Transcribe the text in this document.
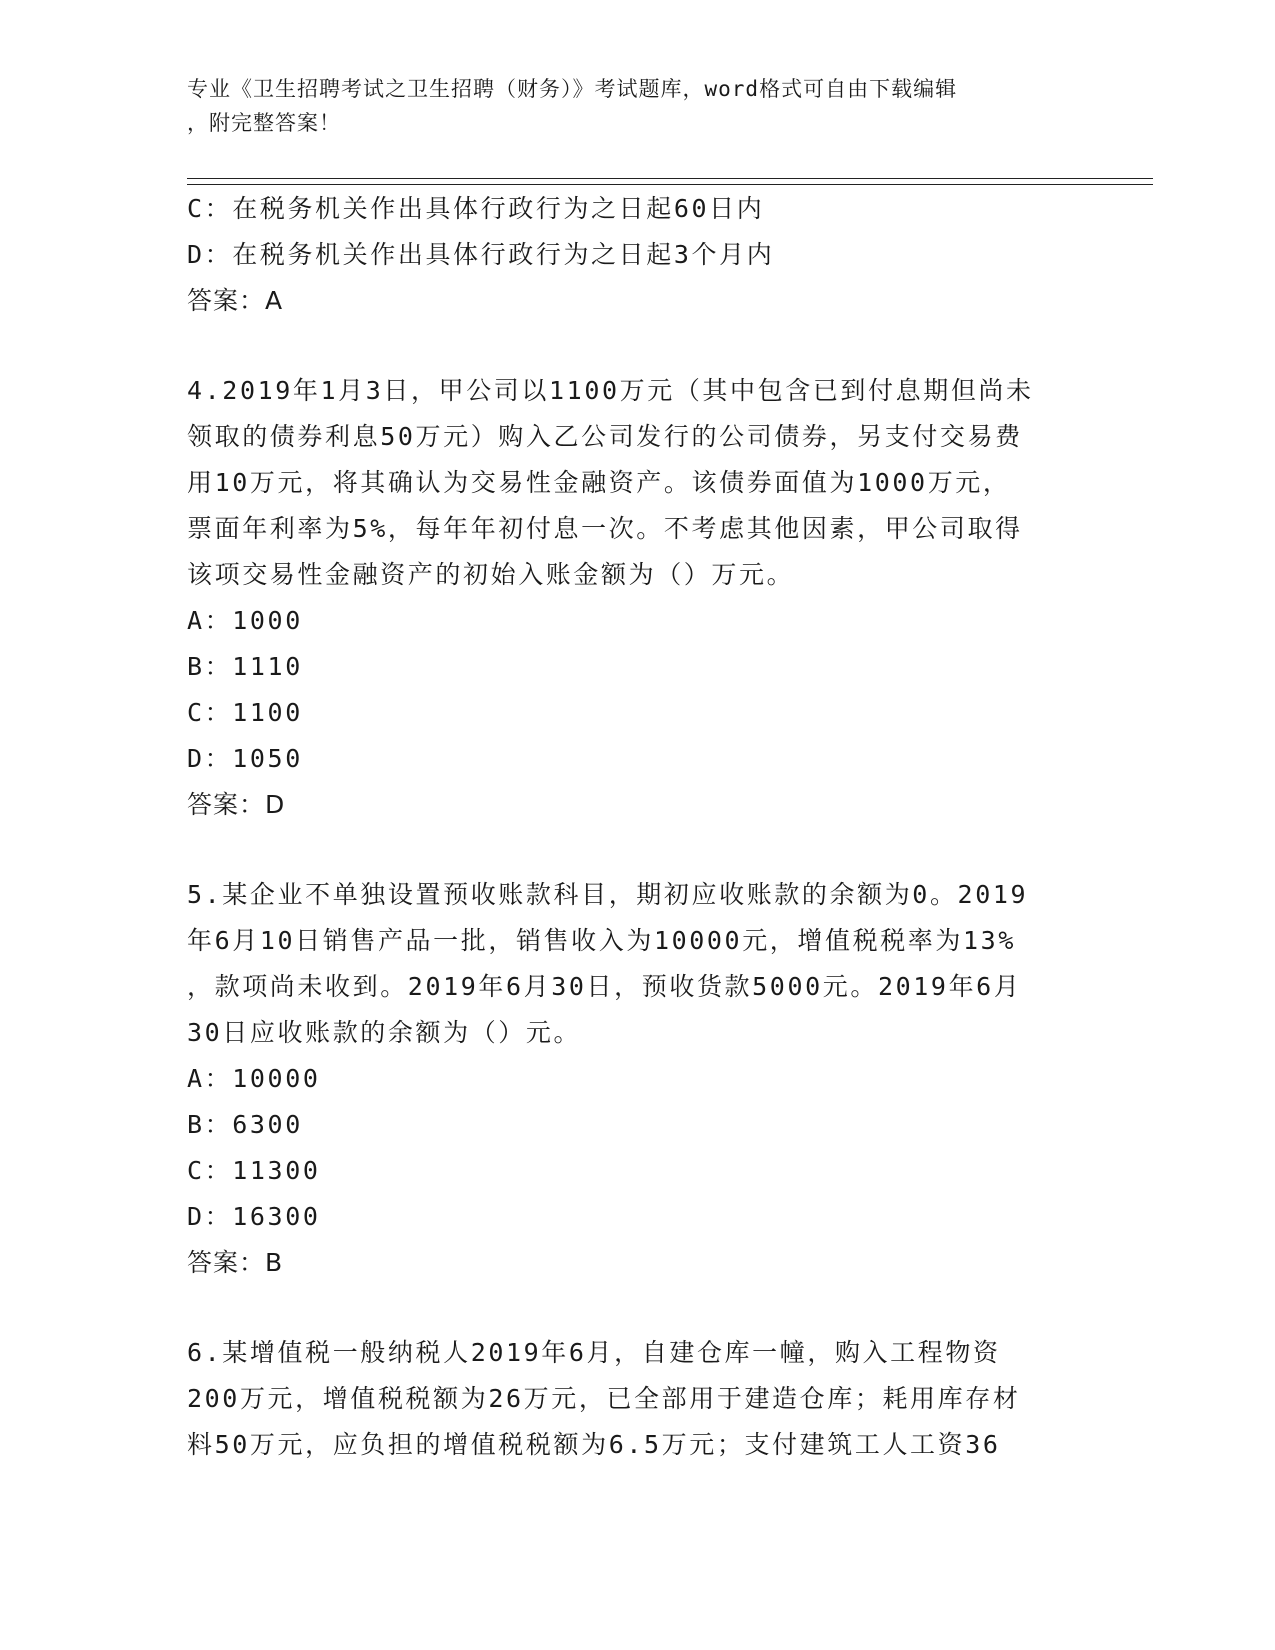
专业《卫生招聘考试之卫生招聘（财务）》考试题库，word格式可自由下载编辑
，附完整答案！
C：在税务机关作出具体行政行为之日起60日内
D：在税务机关作出具体行政行为之日起3个月内
答案：A
4.2019年1月3日，甲公司以1100万元（其中包含已到付息期但尚未
领取的债券利息50万元）购入乙公司发行的公司债券，另支付交易费
用10万元，将其确认为交易性金融资产。该债券面值为1000万元，
票面年利率为5%，每年年初付息一次。不考虑其他因素，甲公司取得
该项交易性金融资产的初始入账金额为（）万元。
A：1000
B：1110
C：1100
D：1050
答案：D
5.某企业不单独设置预收账款科目，期初应收账款的余额为0。2019
年6月10日销售产品一批，销售收入为10000元，增值税税率为13%
，款项尚未收到。2019年6月30日，预收货款5000元。2019年6月
30日应收账款的余额为（）元。
A：10000
B：6300
C：11300
D：16300
答案：B
6.某增值税一般纳税人2019年6月，自建仓库一幢，购入工程物资
200万元，增值税税额为26万元，已全部用于建造仓库；耗用库存材
料50万元，应负担的增值税税额为6.5万元；支付建筑工人工资36
